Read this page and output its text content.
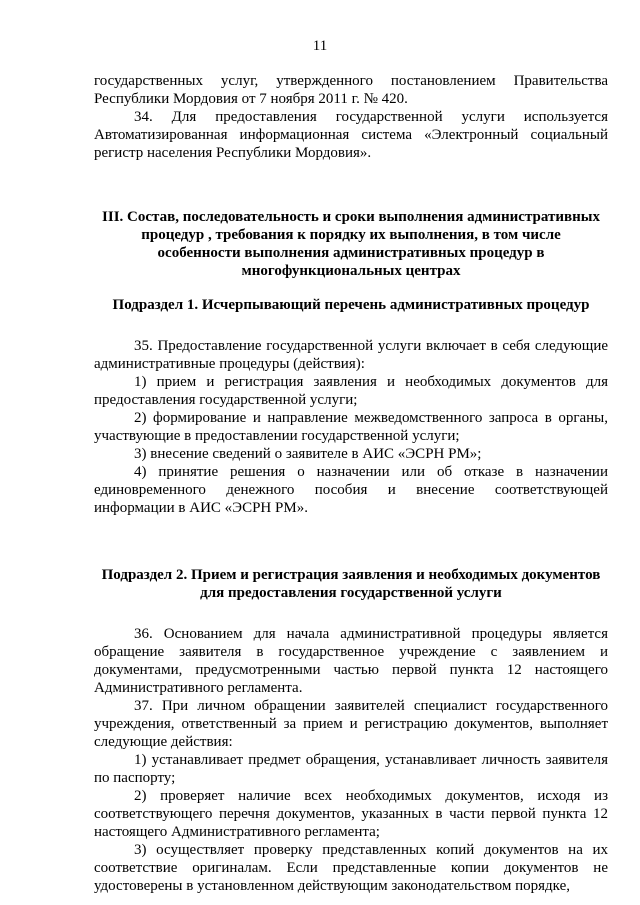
11

государственных услуг, утвержденного постановлением Правительства Республики Мордовия от 7 ноября 2011 г. № 420.

34. Для предоставления государственной услуги используется Автоматизированная информационная система «Электронный социальный регистр населения Республики Мордовия».

III. Состав, последовательность и сроки выполнения административных процедур , требования к порядку их выполнения, в том числе особенности выполнения административных процедур в многофункциональных центрах
Подраздел 1. Исчерпывающий перечень административных процедур

35. Предоставление государственной услуги включает в себя следующие административные процедуры (действия):

1) прием и регистрация заявления и необходимых документов для предоставления государственной услуги;

2) формирование и направление межведомственного запроса в органы, участвующие в предоставлении государственной услуги;

3) внесение сведений о заявителе в АИС «ЭСРН РМ»;

4) принятие решения о назначении или об отказе в назначении единовременного денежного пособия и внесение соответствующей информации в АИС «ЭСРН РМ».

Подраздел 2. Прием и регистрация заявления и необходимых документов для предоставления государственной услуги

36. Основанием для начала административной процедуры является обращение заявителя в государственное учреждение с заявлением и документами, предусмотренными частью первой пункта 12 настоящего Административного регламента.

37. При личном обращении заявителей специалист государственного учреждения, ответственный за прием и регистрацию документов, выполняет следующие действия:

1) устанавливает предмет обращения, устанавливает личность заявителя по паспорту;

2) проверяет наличие всех необходимых документов, исходя из соответствующего перечня документов, указанных в части первой пункта 12 настоящего Административного регламента;

3) осуществляет проверку представленных копий документов на их соответствие оригиналам. Если представленные копии документов не удостоверены в установленном действующим законодательством порядке,
